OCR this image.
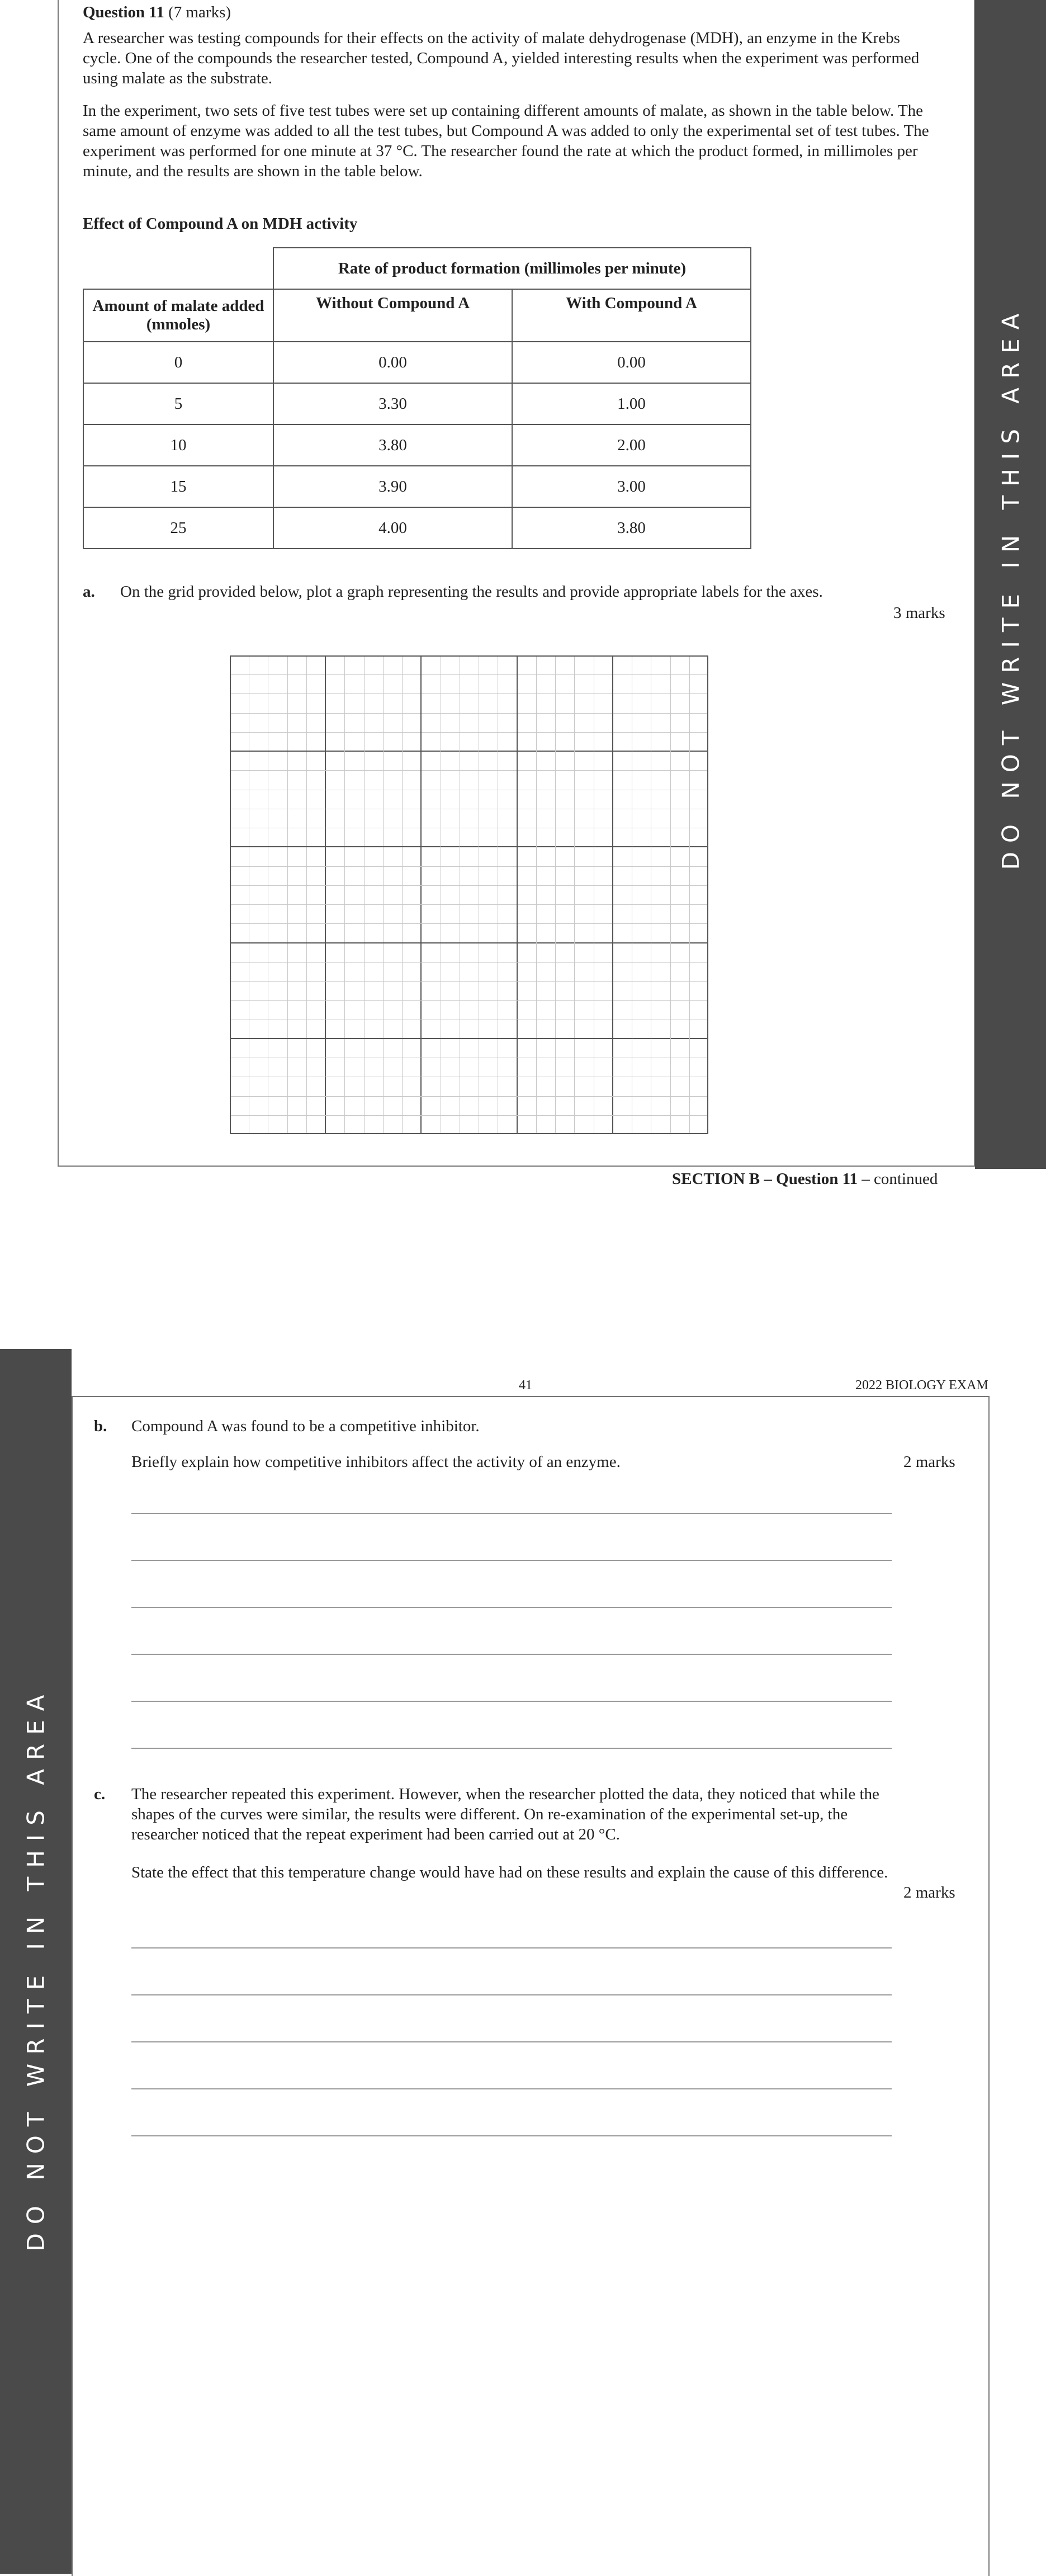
DO NOT WRITE IN THIS AREA
Question 11 (7 marks)

A researcher was testing compounds for their effects on the activity of malate dehydrogenase (MDH), an enzyme in the Krebs cycle. One of the compounds the researcher tested, Compound A, yielded interesting results when the experiment was performed using malate as the substrate.

In the experiment, two sets of five test tubes were set up containing different amounts of malate, as shown in the table below. The same amount of enzyme was added to all the test tubes, but Compound A was added to only the experimental set of test tubes. The experiment was performed for one minute at 37 °C. The researcher found the rate at which the product formed, in millimoles per minute, and the results are shown in the table below.

Effect of Compound A on MDH activity
	Rate of product formation (millimoles per minute)	
Amount of malate added (mmoles)	Without Compound A	With Compound A
0	0.00	0.00
5	3.30	1.00
10	3.80	2.00
15	3.90	3.00
25	4.00	3.80
a. On the grid provided below, plot a graph representing the results and provide appropriate labels for the axes.

3 marks
SECTION B – Question 11 – continued
DO NOT WRITE IN THIS AREA
41	2022 BIOLOGY EXAM
b. Compound A was found to be a competitive inhibitor.
Briefly explain how competitive inhibitors affect the activity of an enzyme.	2 marks
c. The researcher repeated this experiment. However, when the researcher plotted the data, they noticed that while the shapes of the curves were similar, the results were different. On re-examination of the experimental set-up, the researcher noticed that the repeat experiment had been carried out at 20 °C.

State the effect that this temperature change would have had on these results and explain the cause of this difference.

2 marks
